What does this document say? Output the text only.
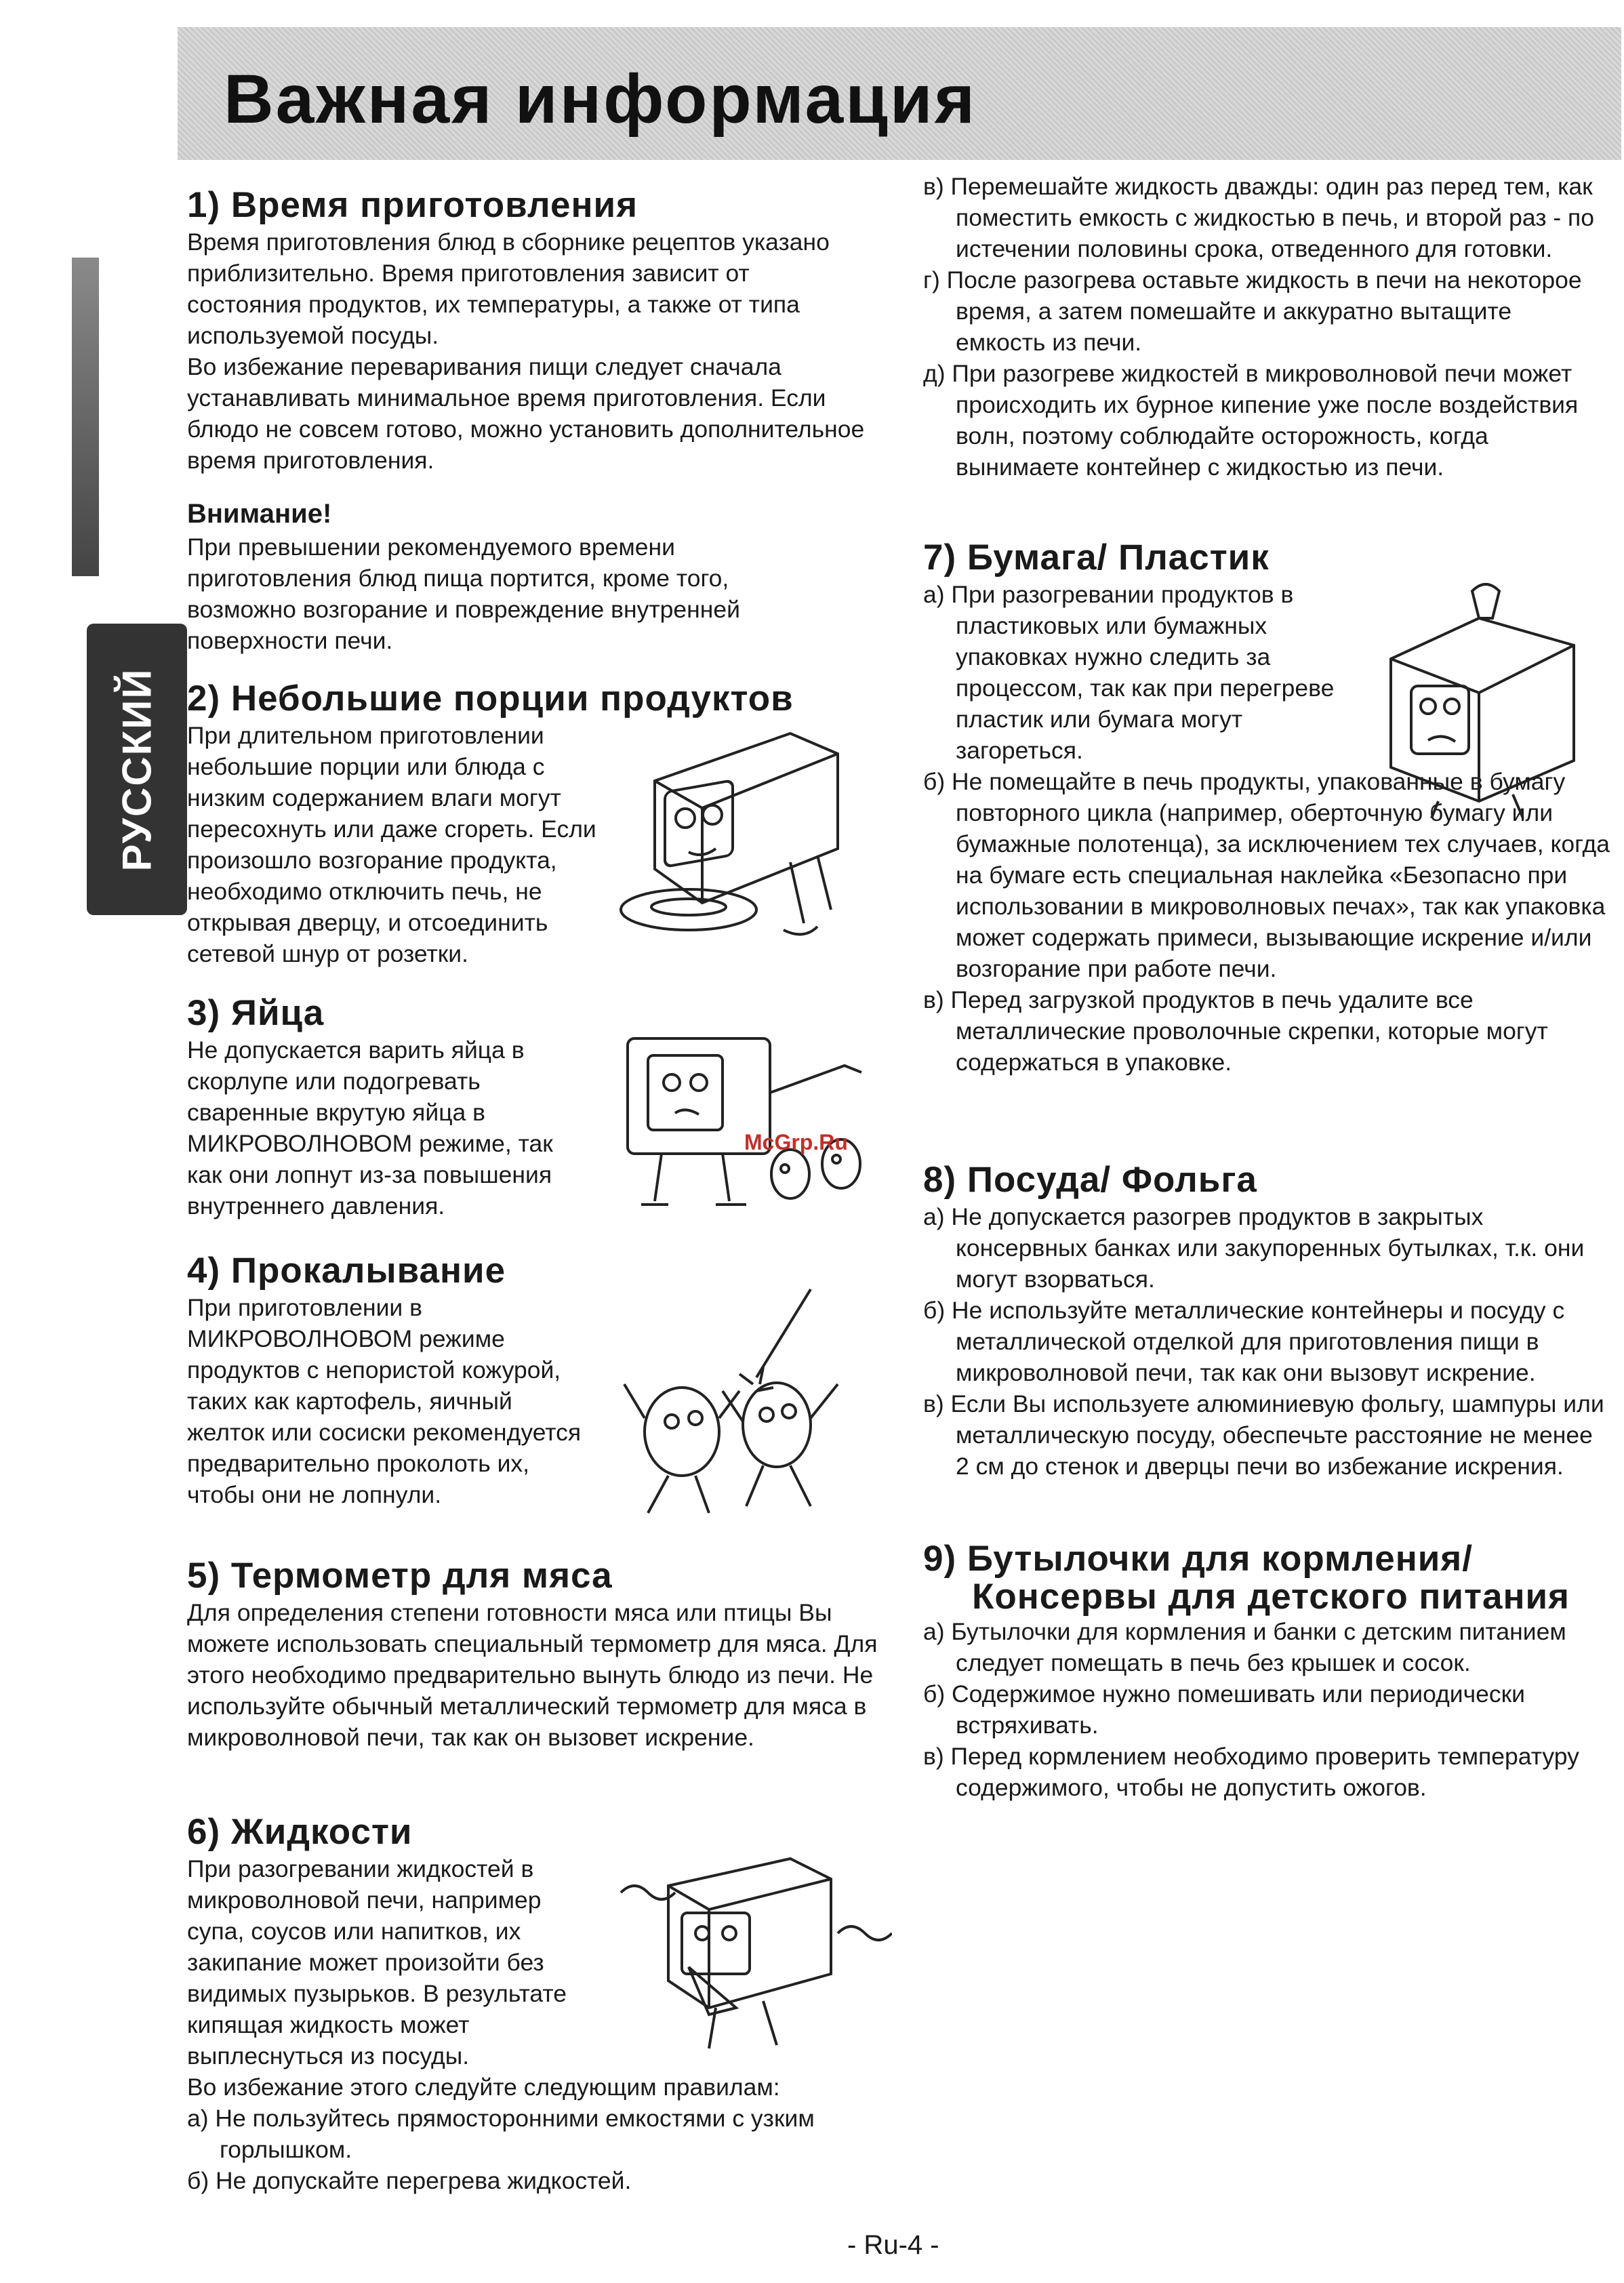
Важная информация
РУССКИЙ
1) Время приготовления

Время приготовления блюд в сборнике рецептов указано приблизительно. Время приготовления зависит от состояния продуктов, их температуры, а также от типа используемой посуды.

Во избежание переваривания пищи следует сначала устанавливать минимальное время приготовления. Если блюдо не совсем готово, можно установить дополнительное время приготовления.

Внимание!

При превышении рекомендуемого времени приготовления блюд пища портится, кроме того, возможно возгорание и повреждение внутренней поверхности печи.

2) Небольшие порции продуктов

При длительном приготовлении небольшие порции или блюда с низким содержанием влаги могут пересохнуть или даже сгореть. Если произошло возгорание продукта, необходимо отключить печь, не открывая дверцу, и отсоединить сетевой шнур от розетки.

3) Яйца

Не допускается варить яйца в скорлупе или подогревать сваренные вкрутую яйца в МИКРОВОЛНОВОМ режиме, так как они лопнут из-за повышения внутреннего давления.

4) Прокалывание

При приготовлении в МИКРОВОЛНОВОМ режиме продуктов с непористой кожурой, таких как картофель, яичный желток или сосиски рекомендуется предварительно проколоть их, чтобы они не лопнули.

5) Термометр для мяса

Для определения степени готовности мяса или птицы Вы можете использовать специальный термометр для мяса. Для этого необходимо предварительно вынуть блюдо из печи. Не используйте обычный металлический термометр для мяса в микроволновой печи, так как он вызовет искрение.

6) Жидкости

При разогревании жидкостей в микроволновой печи, например супа, соусов или напитков, их закипание может произойти без видимых пузырьков. В результате кипящая жидкость может выплеснуться из посуды.

Во избежание этого следуйте следующим правилам:

а) Не пользуйтесь прямосторонними емкостями с узким горлышком.

б) Не допускайте перегрева жидкостей.

McGrp.Ru

в) Перемешайте жидкость дважды: один раз перед тем, как поместить емкость с жидкостью в печь, и второй раз - по истечении половины срока, отведенного для готовки.

г) После разогрева оставьте жидкость в печи на некоторое время, а затем помешайте и аккуратно вытащите емкость из печи.

д) При разогреве жидкостей в микроволновой печи может происходить их бурное кипение уже после воздействия волн, поэтому соблюдайте осторожность, когда вынимаете контейнер с жидкостью из печи.

7) Бумага/ Пластик

а) При разогревании продуктов в пластиковых или бумажных упаковках нужно следить за процессом, так как при перегреве пластик или бумага могут загореться.

б) Не помещайте в печь продукты, упакованные в бумагу повторного цикла (например, оберточную бумагу или бумажные полотенца), за исключением тех случаев, когда на бумаге есть специальная наклейка «Безопасно при использовании в микроволновых печах», так как упаковка может содержать примеси, вызывающие искрение и/или возгорание при работе печи.

в) Перед загрузкой продуктов в печь удалите все металлические проволочные скрепки, которые могут содержаться в упаковке.

8) Посуда/ Фольга

а) Не допускается разогрев продуктов в закрытых консервных банках или закупоренных бутылках, т.к. они могут взорваться.

б) Не используйте металлические контейнеры и посуду с металлической отделкой для приготовления пищи в микроволновой печи, так как они вызовут искрение.

в) Если Вы используете алюминиевую фольгу, шампуры или металлическую посуду, обеспечьте расстояние не менее 2 см до стенок и дверцы печи во избежание искрения.

9) Бутылочки для кормления/
Консервы для детского питания

а) Бутылочки для кормления и банки с детским питанием следует помещать в печь без крышек и сосок.

б) Содержимое нужно помешивать или периодически встряхивать.

в) Перед кормлением необходимо проверить температуру содержимого, чтобы не допустить ожогов.

- Ru-4 -
